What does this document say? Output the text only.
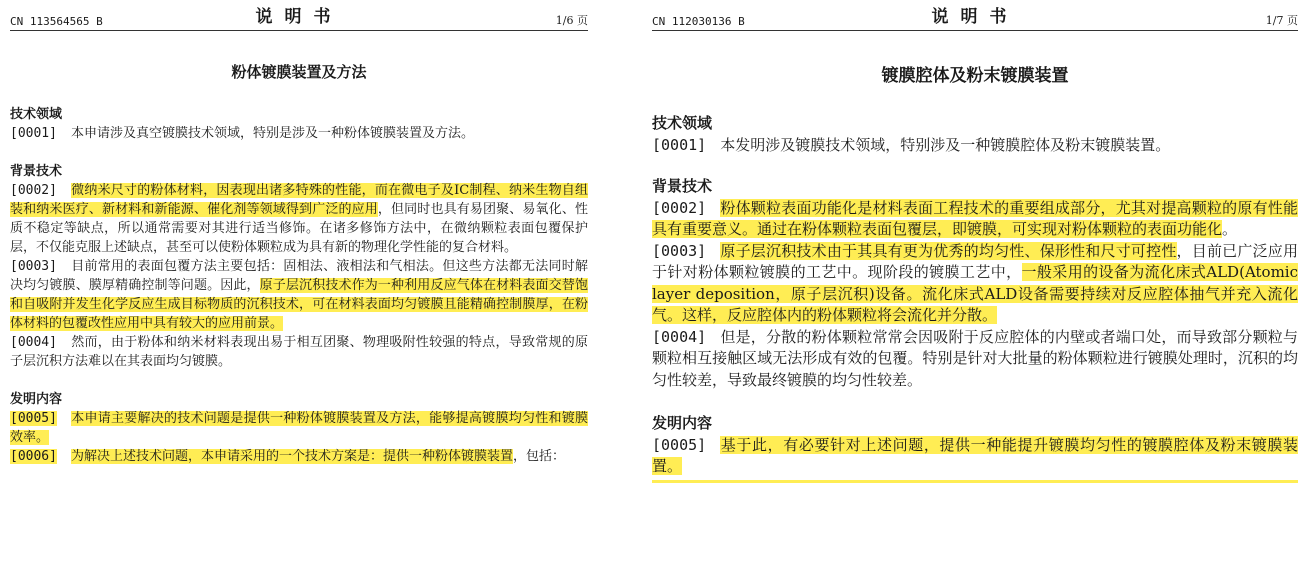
CN 113564565 B	说明书	1/6 页
粉体镀膜装置及方法
技术领域
[0001] 本申请涉及真空镀膜技术领域，特别是涉及一种粉体镀膜装置及方法。
背景技术
[0002] 微纳米尺寸的粉体材料，因表现出诸多特殊的性能，而在微电子及IC制程、纳米生物自组装和纳米医疗、新材料和新能源、催化剂等领域得到广泛的应用，但同时也具有易团聚、易氧化、性质不稳定等缺点，所以通常需要对其进行适当修饰。在诸多修饰方法中，在微纳颗粒表面包覆保护层，不仅能克服上述缺点，甚至可以使粉体颗粒成为具有新的物理化学性能的复合材料。
[0003] 目前常用的表面包覆方法主要包括：固相法、液相法和气相法。但这些方法都无法同时解决均匀镀膜、膜厚精确控制等问题。因此，原子层沉积技术作为一种利用反应气体在材料表面交替饱和自吸附并发生化学反应生成目标物质的沉积技术，可在材料表面均匀镀膜且能精确控制膜厚，在粉体材料的包覆改性应用中具有较大的应用前景。
[0004] 然而，由于粉体和纳米材料表现出易于相互团聚、物理吸附性较强的特点，导致常规的原子层沉积方法难以在其表面均匀镀膜。
发明内容
[0005] 本申请主要解决的技术问题是提供一种粉体镀膜装置及方法，能够提高镀膜均匀性和镀膜效率。
[0006] 为解决上述技术问题，本申请采用的一个技术方案是：提供一种粉体镀膜装置，包括：
CN 112030136 B	说明书	1/7 页
镀膜腔体及粉末镀膜装置
技术领域
[0001] 本发明涉及镀膜技术领域，特别涉及一种镀膜腔体及粉末镀膜装置。
背景技术
[0002] 粉体颗粒表面功能化是材料表面工程技术的重要组成部分，尤其对提高颗粒的原有性能具有重要意义。通过在粉体颗粒表面包覆层，即镀膜，可实现对粉体颗粒的表面功能化。
[0003] 原子层沉积技术由于其具有更为优秀的均匀性、保形性和尺寸可控性，目前已广泛应用于针对粉体颗粒镀膜的工艺中。现阶段的镀膜工艺中，一般采用的设备为流化床式ALD(Atomic layer deposition，原子层沉积)设备。流化床式ALD设备需要持续对反应腔体抽气并充入流化气。这样，反应腔体内的粉体颗粒将会流化并分散。
[0004] 但是，分散的粉体颗粒常常会因吸附于反应腔体的内壁或者端口处，而导致部分颗粒与颗粒相互接触区域无法形成有效的包覆。特别是针对大批量的粉体颗粒进行镀膜处理时，沉积的均匀性较差，导致最终镀膜的均匀性较差。
发明内容
[0005] 基于此，有必要针对上述问题，提供一种能提升镀膜均匀性的镀膜腔体及粉末镀膜装置。
